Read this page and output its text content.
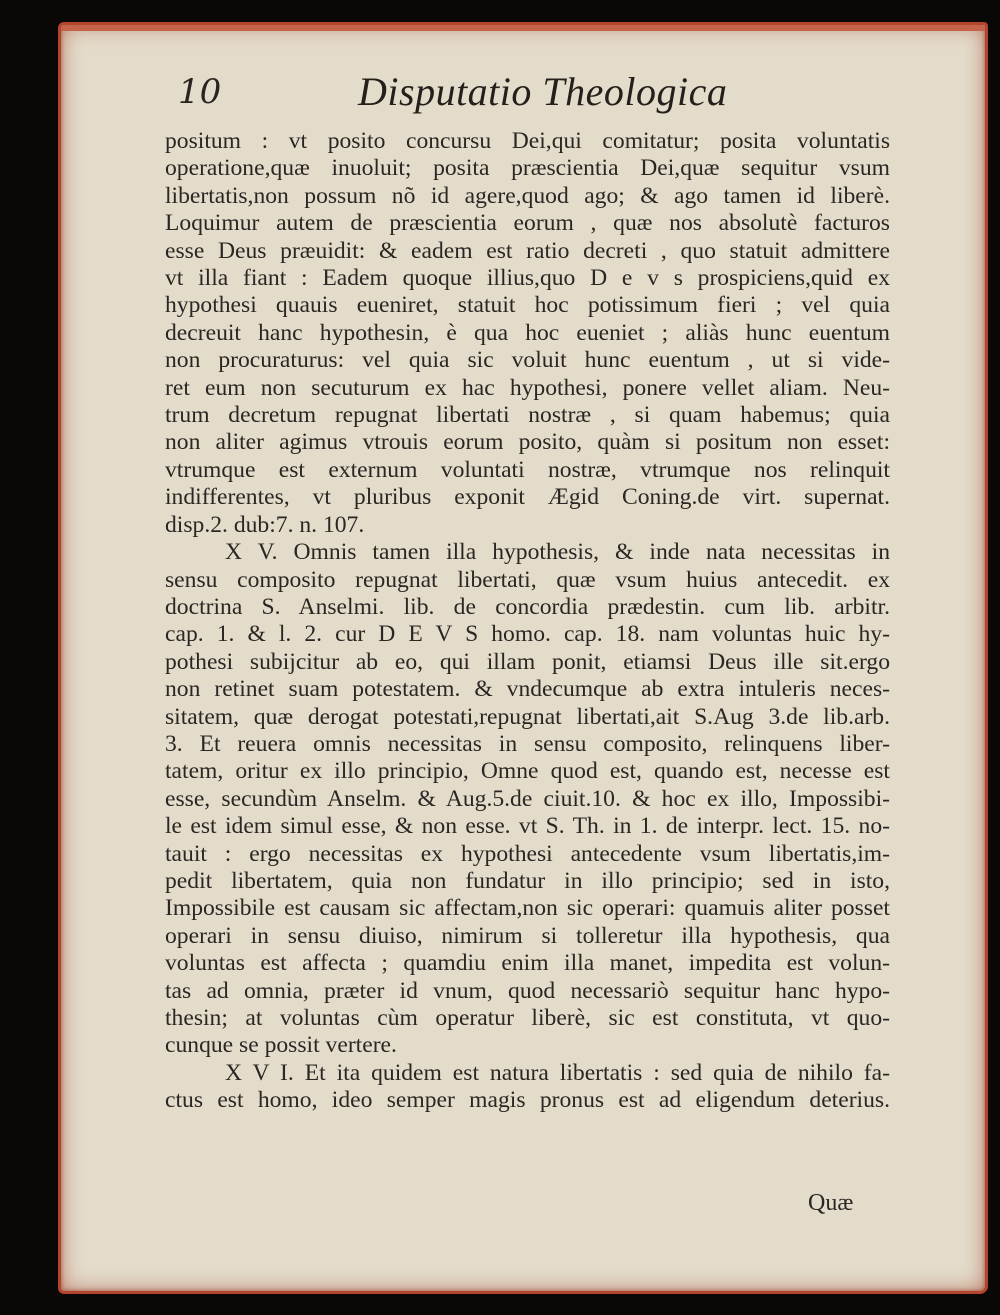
10	Disputatio Theologica
positum : vt posito concursu Dei,qui comitatur; posita voluntatis
operatione,quæ inuoluit; posita præscientia Dei,quæ sequitur vsum
libertatis,non possum nõ id agere,quod ago; & ago tamen id liberè.
Loquimur autem de præscientia eorum , quæ nos absolutè facturos
esse Deus præuidit: & eadem est ratio decreti , quo statuit admittere
vt illa fiant : Eadem quoque illius,quo D e v s prospiciens,quid ex
hypothesi quauis eueniret, statuit hoc potissimum fieri ; vel quia
decreuit hanc hypothesin, è qua hoc eueniet ; aliàs hunc euentum
non procuraturus: vel quia sic voluit hunc euentum , ut si vide-
ret eum non secuturum ex hac hypothesi, ponere vellet aliam. Neu-
trum decretum repugnat libertati nostræ , si quam habemus; quia
non aliter agimus vtrouis eorum posito, quàm si positum non esset:
vtrumque est externum voluntati nostræ, vtrumque nos relinquit
indifferentes, vt pluribus exponit Ægid Coning.de virt. supernat.
disp.2. dub:7. n. 107.
X V. Omnis tamen illa hypothesis, & inde nata necessitas in
sensu composito repugnat libertati, quæ vsum huius antecedit. ex
doctrina S. Anselmi. lib. de concordia prædestin. cum lib. arbitr.
cap. 1. & l. 2. cur D E V S homo. cap. 18. nam voluntas huic hy-
pothesi subijcitur ab eo, qui illam ponit, etiamsi Deus ille sit.ergo
non retinet suam potestatem. & vndecumque ab extra intuleris neces-
sitatem, quæ derogat potestati,repugnat libertati,ait S.Aug 3.de lib.arb.
3. Et reuera omnis necessitas in sensu composito, relinquens liber-
tatem, oritur ex illo principio, Omne quod est, quando est, necesse est
esse, secundùm Anselm. & Aug.5.de ciuit.10. & hoc ex illo, Impossibi-
le est idem simul esse, & non esse. vt S. Th. in 1. de interpr. lect. 15. no-
tauit : ergo necessitas ex hypothesi antecedente vsum libertatis,im-
pedit libertatem, quia non fundatur in illo principio; sed in isto,
Impossibile est causam sic affectam,non sic operari: quamuis aliter posset
operari in sensu diuiso, nimirum si tolleretur illa hypothesis, qua
voluntas est affecta ; quamdiu enim illa manet, impedita est volun-
tas ad omnia, præter id vnum, quod necessariò sequitur hanc hypo-
thesin; at voluntas cùm operatur liberè, sic est constituta, vt quo-
cunque se possit vertere.
X V I. Et ita quidem est natura libertatis : sed quia de nihilo fa-
ctus est homo, ideo semper magis pronus est ad eligendum deterius.
Quæ
